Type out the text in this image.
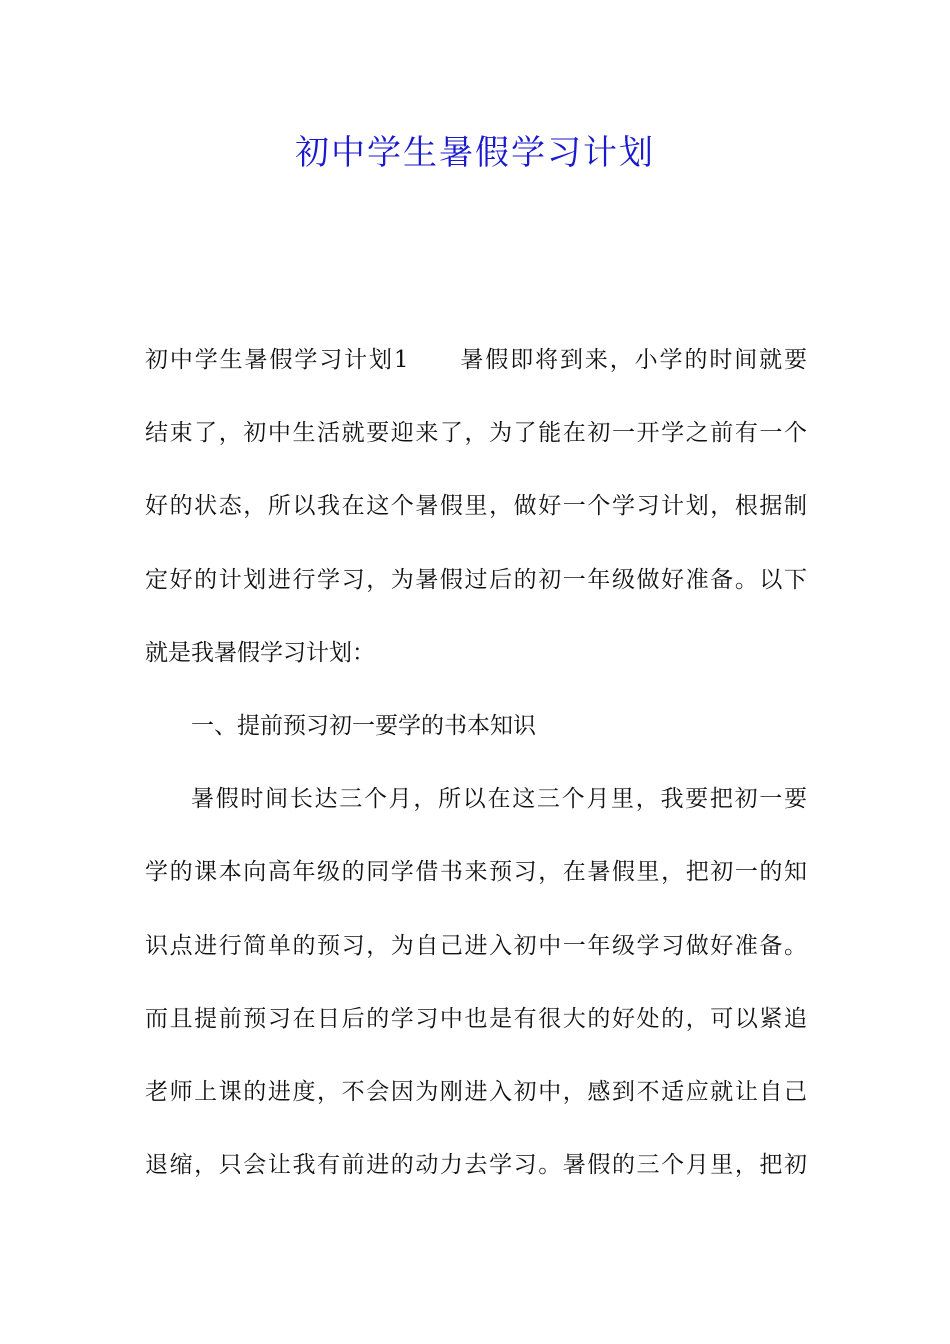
初中学生暑假学习计划
初中学生暑假学习计划1 暑假即将到来，小学的时间就要
结束了，初中生活就要迎来了，为了能在初一开学之前有一个
好的状态，所以我在这个暑假里，做好一个学习计划，根据制
定好的计划进行学习，为暑假过后的初一年级做好准备。以下
就是我暑假学习计划：
一、提前预习初一要学的书本知识
暑假时间长达三个月，所以在这三个月里，我要把初一要
学的课本向高年级的同学借书来预习，在暑假里，把初一的知
识点进行简单的预习，为自己进入初中一年级学习做好准备。
而且提前预习在日后的学习中也是有很大的好处的，可以紧追
老师上课的进度，不会因为刚进入初中，感到不适应就让自己
退缩，只会让我有前进的动力去学习。暑假的三个月里，把初
